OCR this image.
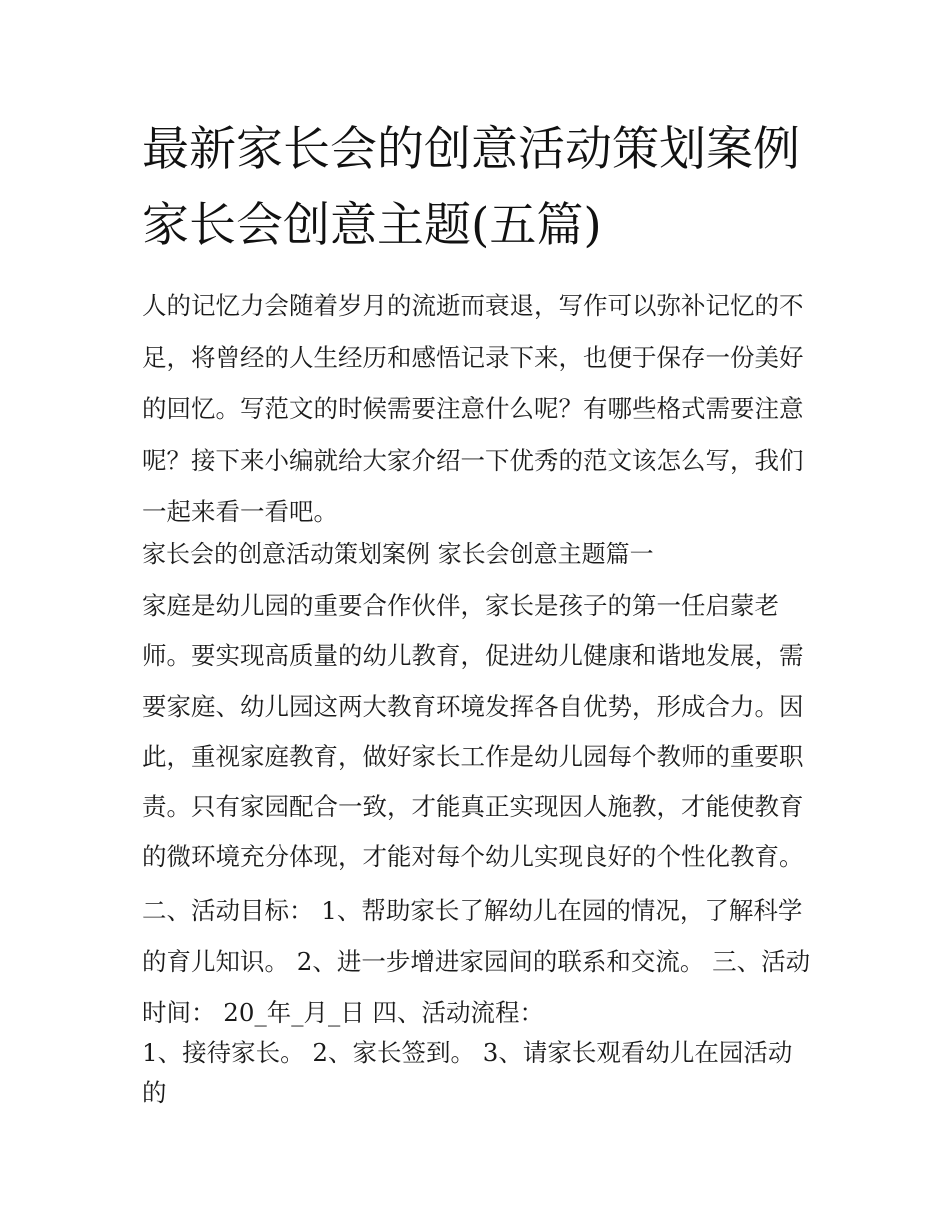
最新家长会的创意活动策划案例 家长会创意主题(五篇)

人的记忆力会随着岁月的流逝而衰退，写作可以弥补记忆的不足，将曾经的人生经历和感悟记录下来，也便于保存一份美好的回忆。写范文的时候需要注意什么呢？有哪些格式需要注意呢？接下来小编就给大家介绍一下优秀的范文该怎么写，我们一起来看一看吧。

家长会的创意活动策划案例 家长会创意主题篇一

家庭是幼儿园的重要合作伙伴，家长是孩子的第一任启蒙老师。要实现高质量的幼儿教育，促进幼儿健康和谐地发展，需要家庭、幼儿园这两大教育环境发挥各自优势，形成合力。因此，重视家庭教育，做好家长工作是幼儿园每个教师的重要职责。只有家园配合一致，才能真正实现因人施教，才能使教育的微环境充分体现，才能对每个幼儿实现良好的个性化教育。

二、活动目标： 1、帮助家长了解幼儿在园的情况，了解科学的育儿知识。 2、进一步增进家园间的联系和交流。 三、活动时间： 20_年_月_日 四、活动流程：

1、接待家长。 2、家长签到。 3、请家长观看幼儿在园活动的
